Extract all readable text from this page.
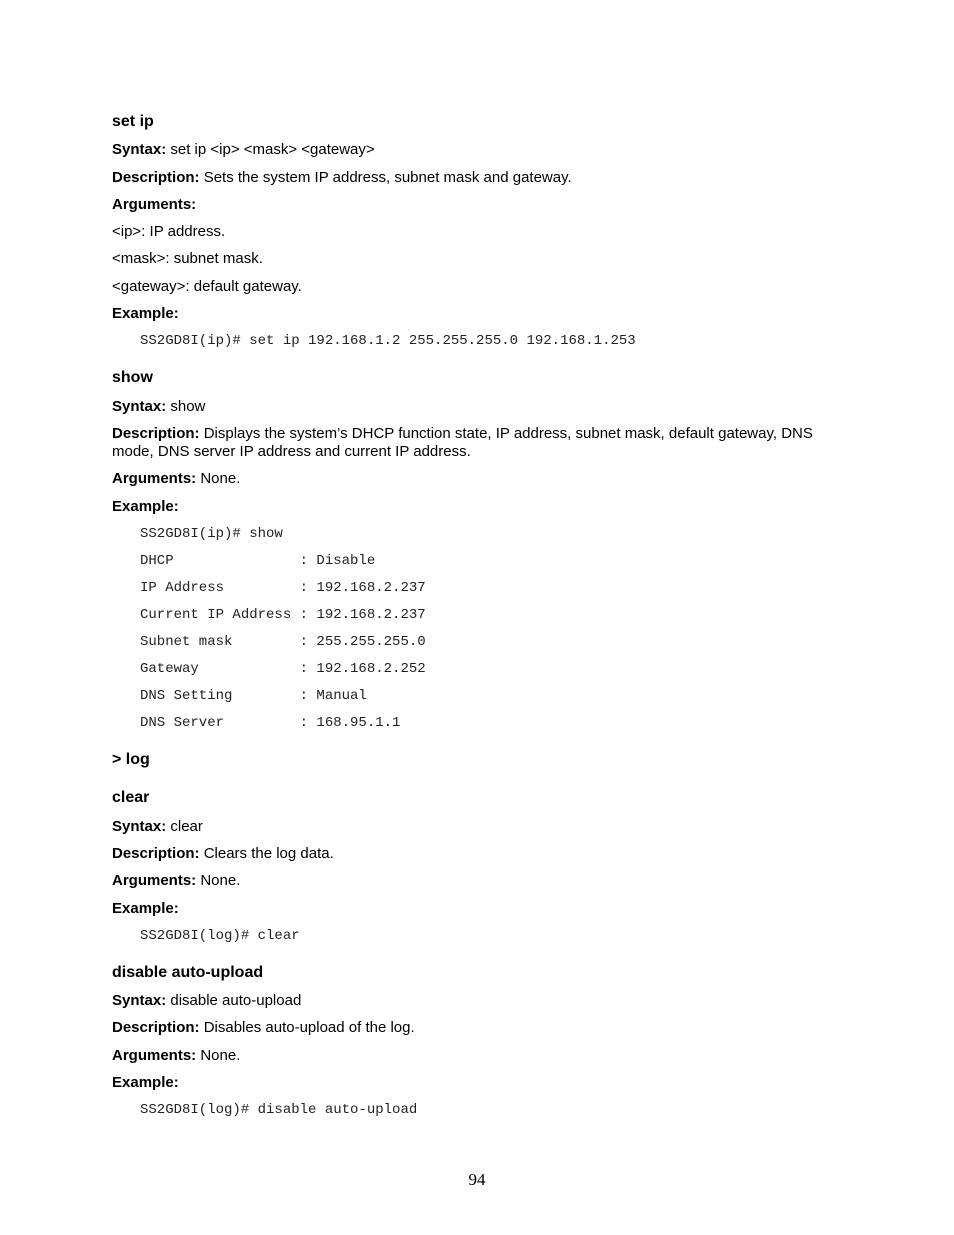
set ip
Syntax: set ip <ip> <mask> <gateway>
Description: Sets the system IP address, subnet mask and gateway.
Arguments:
<ip>: IP address.
<mask>: subnet mask.
<gateway>: default gateway.
Example:
SS2GD8I(ip)# set ip 192.168.1.2 255.255.255.0 192.168.1.253
show
Syntax: show
Description: Displays the system’s DHCP function state, IP address, subnet mask, default gateway, DNS mode, DNS server IP address and current IP address.
Arguments: None.
Example:
SS2GD8I(ip)# show
DHCP               : Disable
IP Address         : 192.168.2.237
Current IP Address : 192.168.2.237
Subnet mask        : 255.255.255.0
Gateway            : 192.168.2.252
DNS Setting        : Manual
DNS Server         : 168.95.1.1
> log
clear
Syntax: clear
Description: Clears the log data.
Arguments: None.
Example:
SS2GD8I(log)# clear
disable auto-upload
Syntax: disable auto-upload
Description: Disables auto-upload of the log.
Arguments: None.
Example:
SS2GD8I(log)# disable auto-upload
94
